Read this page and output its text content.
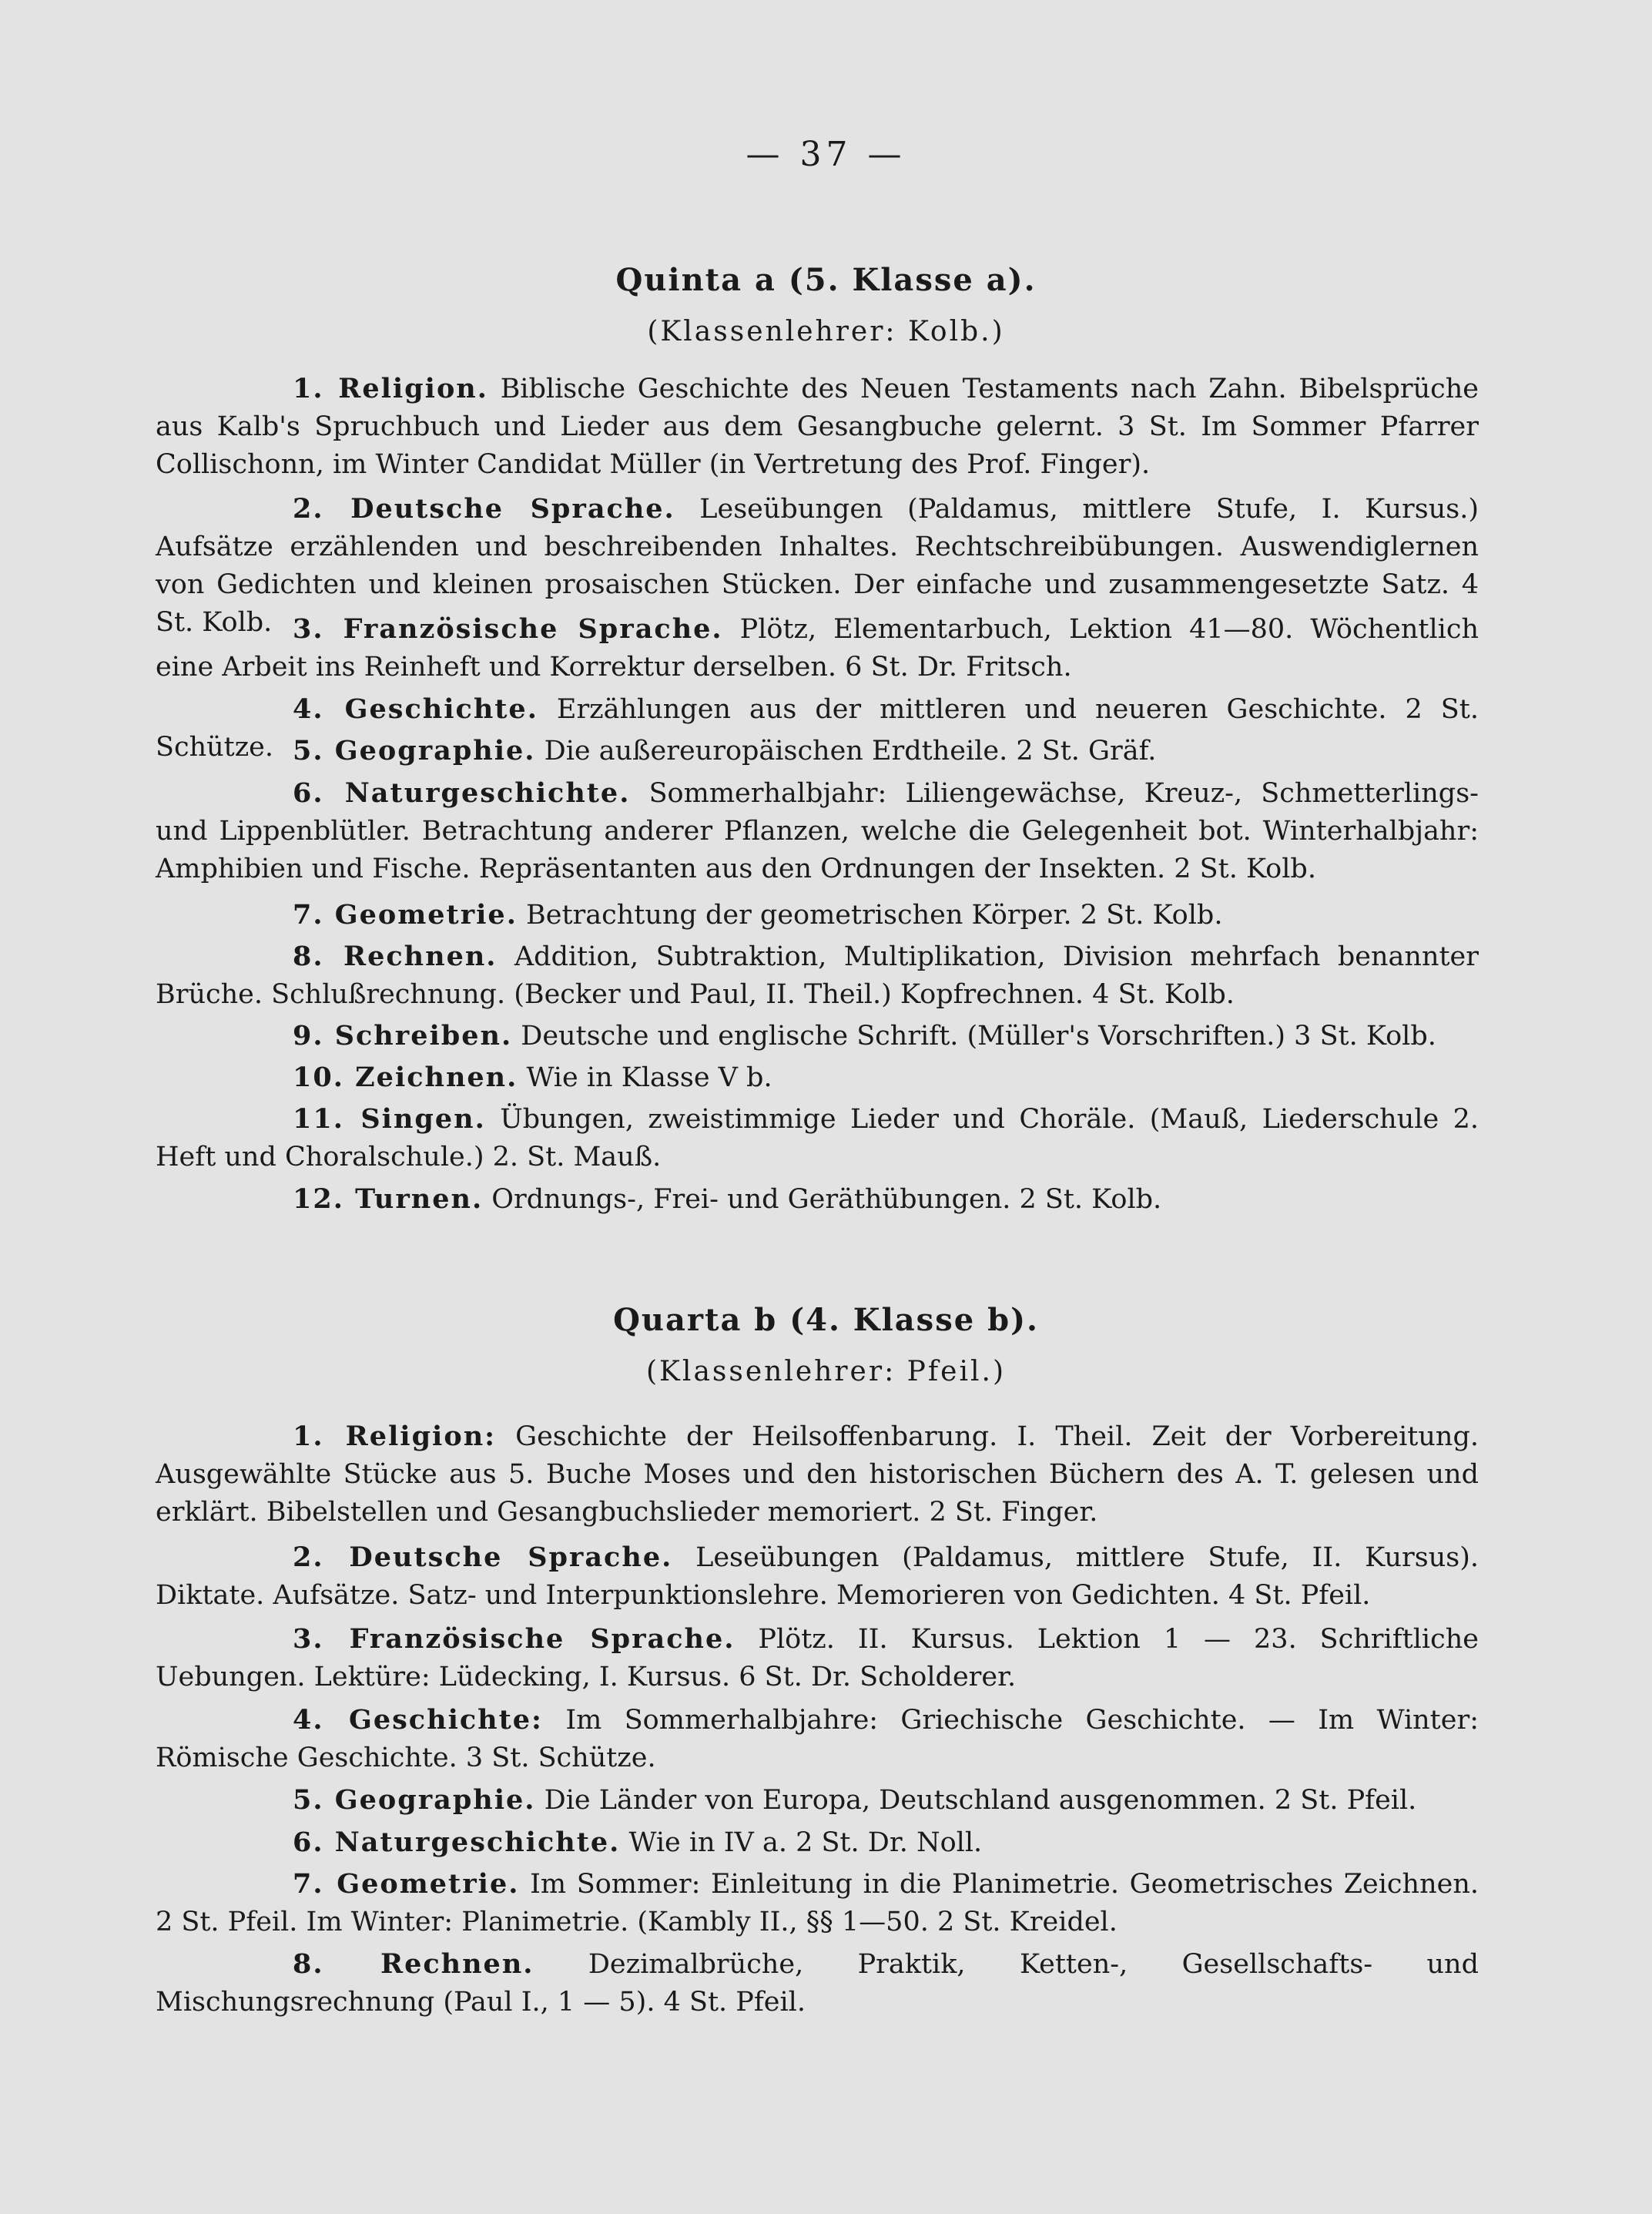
— 37 —
Quinta a (5. Klasse a).
(Klassenlehrer: Kolb.)
1. Religion. Biblische Geschichte des Neuen Testaments nach Zahn. Bibelsprüche aus Kalb's Spruchbuch und Lieder aus dem Gesangbuche gelernt. 3 St. Im Sommer Pfarrer Collischonn, im Winter Candidat Müller (in Vertretung des Prof. Finger).
2. Deutsche Sprache. Leseübungen (Paldamus, mittlere Stufe, I. Kursus.) Aufsätze erzählenden und beschreibenden Inhaltes. Rechtschreibübungen. Auswendiglernen von Gedichten und kleinen prosaischen Stücken. Der einfache und zusammengesetzte Satz. 4 St. Kolb. 3. Französische Sprache. Plötz, Elementarbuch, Lektion 41—80. Wöchentlich eine Arbeit ins Reinheft und Korrektur derselben. 6 St. Dr. Fritsch.
4. Geschichte. Erzählungen aus der mittleren und neueren Geschichte. 2 St. Schütze. 5. Geographie. Die außereuropäischen Erdtheile. 2 St. Gräf.
6. Naturgeschichte. Sommerhalbjahr: Liliengewächse, Kreuz-, Schmetterlings- und Lippenblütler. Betrachtung anderer Pflanzen, welche die Gelegenheit bot. Winterhalbjahr: Amphibien und Fische. Repräsentanten aus den Ordnungen der Insekten. 2 St. Kolb.
7. Geometrie. Betrachtung der geometrischen Körper. 2 St. Kolb.
8. Rechnen. Addition, Subtraktion, Multiplikation, Division mehrfach benannter Brüche. Schlußrechnung. (Becker und Paul, II. Theil.) Kopfrechnen. 4 St. Kolb.
9. Schreiben. Deutsche und englische Schrift. (Müller's Vorschriften.) 3 St. Kolb.
10. Zeichnen. Wie in Klasse V b.
11. Singen. Übungen, zweistimmige Lieder und Choräle. (Mauß, Liederschule 2. Heft und Choralschule.) 2. St. Mauß.
12. Turnen. Ordnungs-, Frei- und Geräthübungen. 2 St. Kolb.
Quarta b (4. Klasse b).
(Klassenlehrer: Pfeil.)
1. Religion: Geschichte der Heilsoffenbarung. I. Theil. Zeit der Vorbereitung. Ausgewählte Stücke aus 5. Buche Moses und den historischen Büchern des A. T. gelesen und erklärt. Bibelstellen und Gesangbuchslieder memoriert. 2 St. Finger.
2. Deutsche Sprache. Leseübungen (Paldamus, mittlere Stufe, II. Kursus). Diktate. Aufsätze. Satz- und Interpunktionslehre. Memorieren von Gedichten. 4 St. Pfeil.
3. Französische Sprache. Plötz. II. Kursus. Lektion 1 — 23. Schriftliche Uebungen. Lektüre: Lüdecking, I. Kursus. 6 St. Dr. Scholderer.
4. Geschichte: Im Sommerhalbjahre: Griechische Geschichte. — Im Winter: Römische Geschichte. 3 St. Schütze.
5. Geographie. Die Länder von Europa, Deutschland ausgenommen. 2 St. Pfeil.
6. Naturgeschichte. Wie in IV a. 2 St. Dr. Noll.
7. Geometrie. Im Sommer: Einleitung in die Planimetrie. Geometrisches Zeichnen. 2 St. Pfeil. Im Winter: Planimetrie. (Kambly II., §§ 1—50. 2 St. Kreidel.
8. Rechnen. Dezimalbrüche, Praktik, Ketten-, Gesellschafts- und Mischungsrechnung (Paul I., 1 — 5). 4 St. Pfeil.
